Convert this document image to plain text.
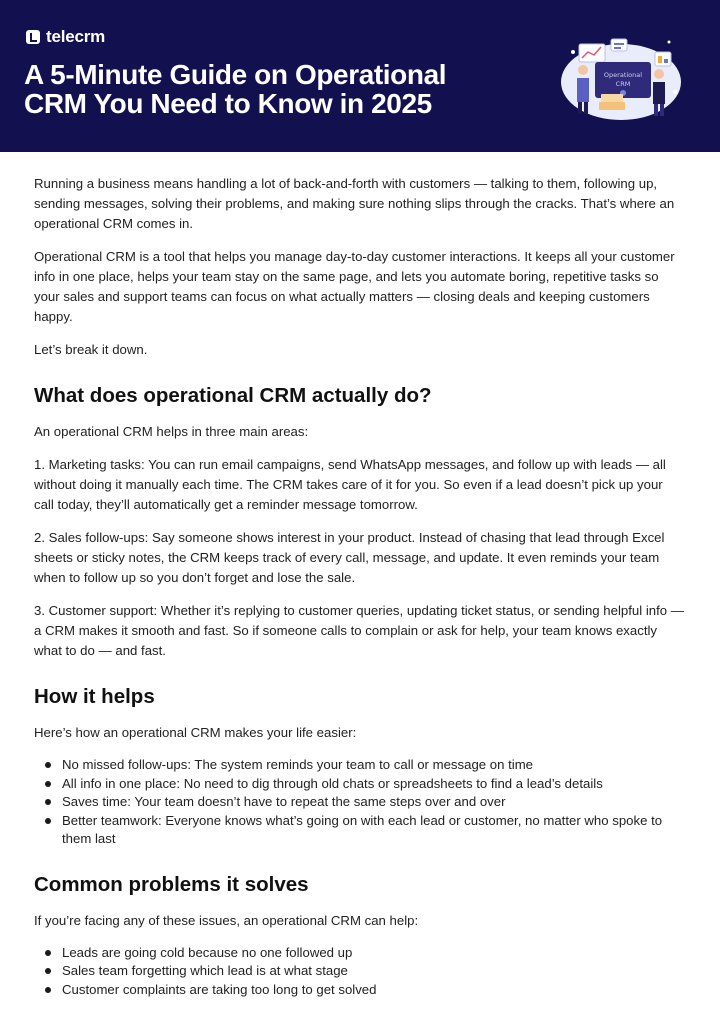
telecrm
A 5-Minute Guide on Operational CRM You Need to Know in 2025
Operational
CRM

Running a business means handling a lot of back-and-forth with customers — talking to them, following up, sending messages, solving their problems, and making sure nothing slips through the cracks. That’s where an operational CRM comes in.

Operational CRM is a tool that helps you manage day-to-day customer interactions. It keeps all your customer info in one place, helps your team stay on the same page, and lets you automate boring, repetitive tasks so your sales and support teams can focus on what actually matters — closing deals and keeping customers happy.

Let’s break it down.

What does operational CRM actually do?

An operational CRM helps in three main areas:

1. Marketing tasks: You can run email campaigns, send WhatsApp messages, and follow up with leads — all without doing it manually each time. The CRM takes care of it for you. So even if a lead doesn’t pick up your call today, they’ll automatically get a reminder message tomorrow.

2. Sales follow-ups: Say someone shows interest in your product. Instead of chasing that lead through Excel sheets or sticky notes, the CRM keeps track of every call, message, and update. It even reminds your team when to follow up so you don’t forget and lose the sale.

3. Customer support: Whether it’s replying to customer queries, updating ticket status, or sending helpful info — a CRM makes it smooth and fast. So if someone calls to complain or ask for help, your team knows exactly what to do — and fast.

How it helps

Here’s how an operational CRM makes your life easier:

No missed follow-ups: The system reminds your team to call or message on time
All info in one place: No need to dig through old chats or spreadsheets to find a lead’s details
Saves time: Your team doesn’t have to repeat the same steps over and over
Better teamwork: Everyone knows what’s going on with each lead or customer, no matter who spoke to them last
Common problems it solves

If you’re facing any of these issues, an operational CRM can help:

Leads are going cold because no one followed up
Sales team forgetting which lead is at what stage
Customer complaints are taking too long to get solved
